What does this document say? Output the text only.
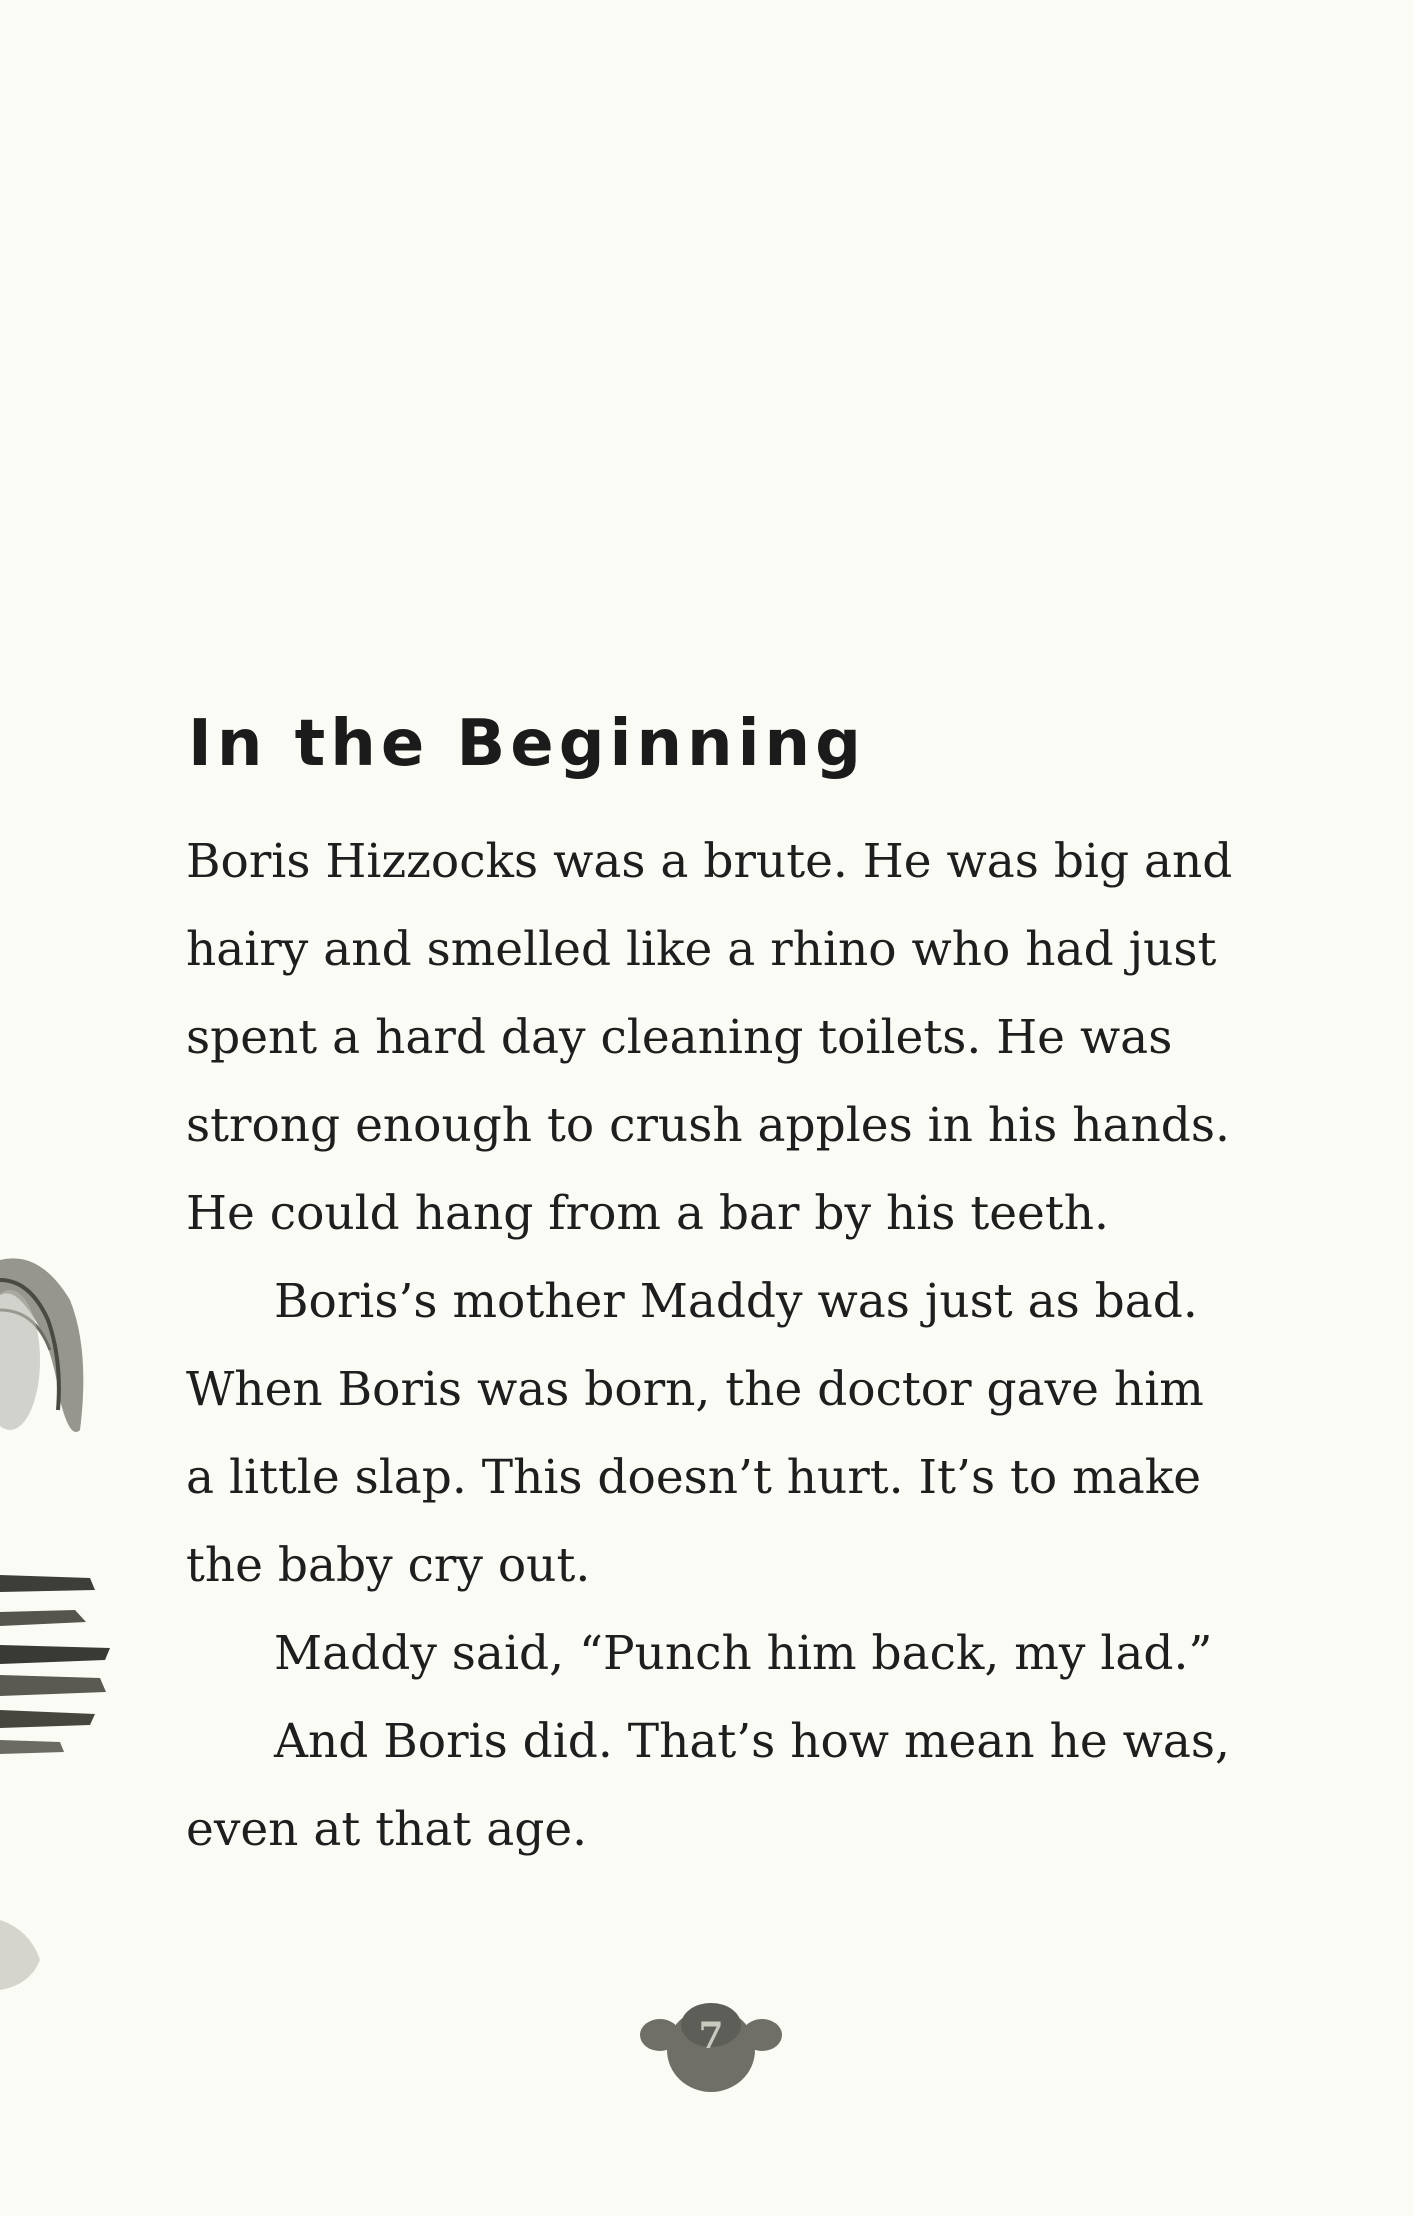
In the Beginning

Boris Hizzocks was a brute. He was big and hairy and smelled like a rhino who had just spent a hard day cleaning toilets. He was strong enough to crush apples in his hands. He could hang from a bar by his teeth.

Boris’s mother Maddy was just as bad. When Boris was born, the doctor gave him a little slap. This doesn’t hurt. It’s to make the baby cry out.

Maddy said, “Punch him back, my lad.”

And Boris did. That’s how mean he was, even at that age.

7
